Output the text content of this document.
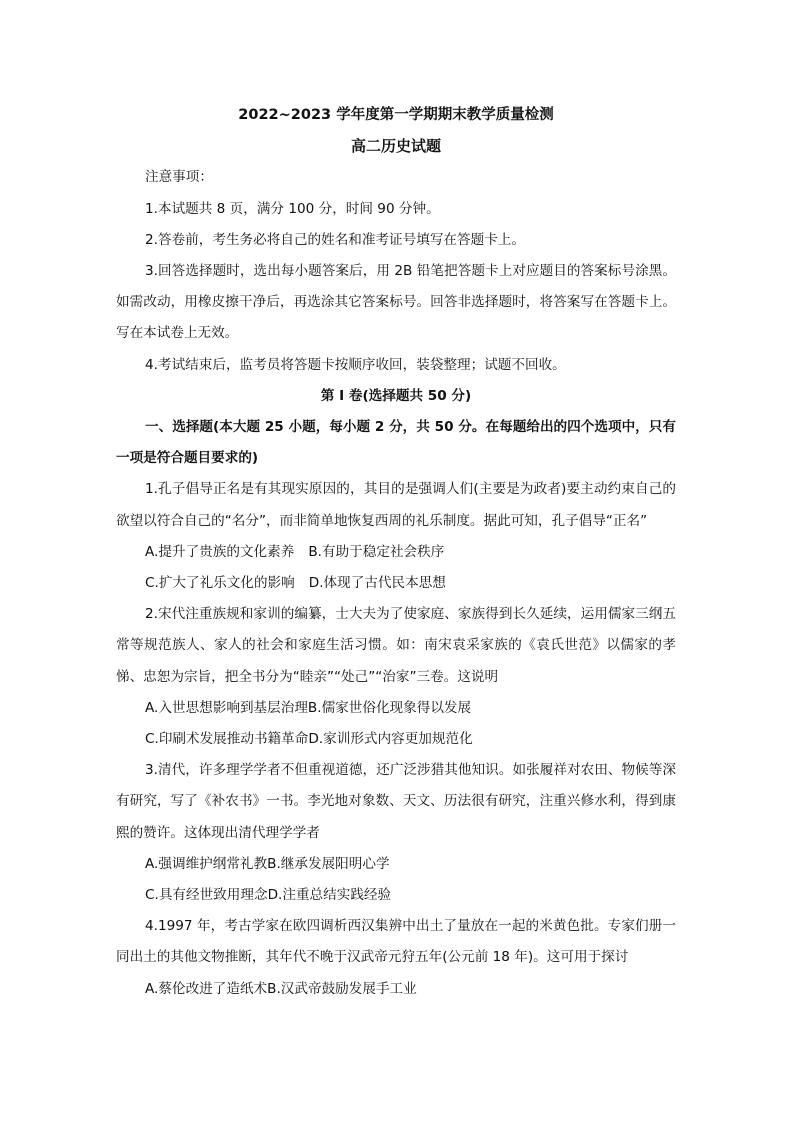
2022~2023 学年度第一学期期末教学质量检测
高二历史试题

注意事项：

1.本试题共 8 页，满分 100 分，时间 90 分钟。

2.答卷前，考生务必将自己的姓名和准考证号填写在答题卡上。

3.回答选择题时，选出每小题答案后，用 2B 铅笔把答题卡上对应题目的答案标号涂黑。如需改动，用橡皮擦干净后，再选涂其它答案标号。回答非选择题时，将答案写在答题卡上。写在本试卷上无效。

4.考试结束后，监考员将答题卡按顺序收回，装袋整理；试题不回收。

第 I 卷(选择题共 50 分)

一、选择题(本大题 25 小题，每小题 2 分，共 50 分。在每题给出的四个选项中，只有一项是符合题目要求的)

1.孔子倡导正名是有其现实原因的，其目的是强调人们(主要是为政者)要主动约束自己的欲望以符合自己的“名分”，而非简单地恢复西周的礼乐制度。据此可知，孔子倡导“正名”

A.提升了贵族的文化素养 B.有助于稳定社会秩序

C.扩大了礼乐文化的影响 D.体现了古代民本思想

2.宋代注重族规和家训的编纂，士大夫为了使家庭、家族得到长久延续，运用儒家三纲五常等规范族人、家人的社会和家庭生活习惯。如：南宋袁采家族的《袁氏世范》以儒家的孝悌、忠恕为宗旨，把全书分为“睦亲”“处己”“治家”三卷。这说明

A.入世思想影响到基层治理B.儒家世俗化现象得以发展

C.印刷术发展推动书籍革命D.家训形式内容更加规范化

3.清代，许多理学学者不但重视道德，还广泛涉猎其他知识。如张履祥对农田、物候等深有研究，写了《补农书》一书。李光地对象数、天文、历法很有研究，注重兴修水利，得到康熙的赞许。这体现出清代理学学者

A.强调维护纲常礼教B.继承发展阳明心学

C.具有经世致用理念D.注重总结实践经验

4.1997 年，考古学家在欧四调析西汉集辨中出土了量放在一起的米黄色批。专家们册一同出土的其他文物推断，其年代不晚于汉武帝元狩五年(公元前 18 年)。这可用于探讨

A.蔡伦改进了造纸术B.汉武帝鼓励发展手工业
